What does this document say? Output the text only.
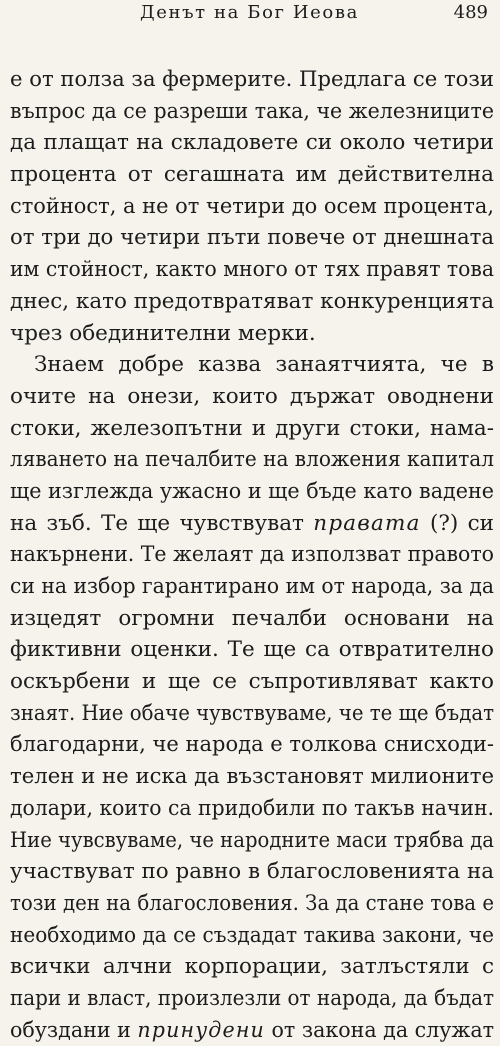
Денът на Бог Иеова	489
е от полза за фермерите. Предлага се този
въпрос да се разреши така, че железниците
да плащат на складовете си около четири
процента от сегашната им действителна
стойност, а не от четири до осем процента,
от три до четири пъти повече от днешната
им стойност, както много от тях правят това
днес, като предотвратяват конкуренцията
чрез обединителни мерки.
Знаем добре казва занаятчията, че в
очите на онези, които държат оводнени
стоки, железопътни и други стоки, нама-
ляването на печалбите на вложения капитал
ще изглежда ужасно и ще бъде като вадене
на зъб. Те ще чувствуват правата (?) си
накърнени. Те желаят да използват правото
си на избор гарантирано им от народа, за да
изцедят огромни печалби основани на
фиктивни оценки. Те ще са отвратително
оскърбени и ще се съпротивляват както
знаят. Ние обаче чувствуваме, че те ще бъдат
благодарни, че народа е толкова снисходи-
телен и не иска да възстановят милионите
долари, които са придобили по такъв начин.
Ние чувсвуваме, че народните маси трябва да
участвуват по равно в благословенията на
този ден на благословения. За да стане това е
необходимо да се създадат такива закони, че
всички алчни корпорации, затлъстяли с
пари и власт, произлезли от народа, да бъдат
обуздани и принудени от закона да служат
